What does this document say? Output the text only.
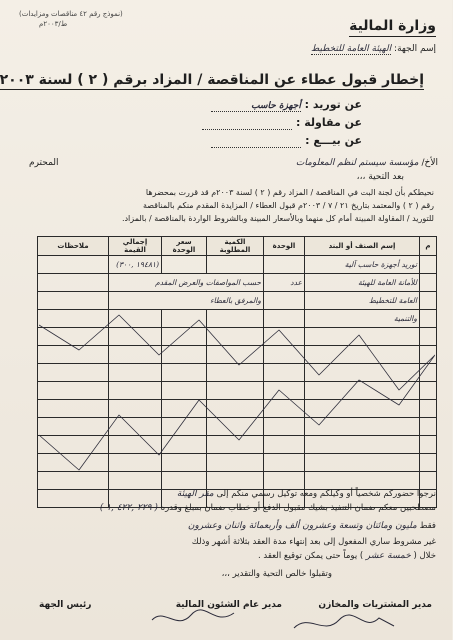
وزارة المالية
إسم الجهة: الهيئة العامة للتخطيط
(نموذج رقم ٤٢ مناقصات ومزايدات)
ط/٢٠٠٣م
إخطار قبول عطاء عن المناقصة / المزاد برقم ( ٢ ) لسنة ٢٠٠٣
عن توريد : أجهزة حاسب
عن مقاولة :
عن بيـــع :
الأخ/ مؤسسة سيستم لنظم المعلومات
المحترم
بعد التحية ،،،
نحيطكم بأن لجنة البت في المناقصة / المزاد رقم ( ٢ ) لسنة ٢٠٠٣م قد قررت بمحضرها
رقم ( ٢ ) والمعتمد بتاريخ ٢١ / ٧ / ٢٠٠٣م قبول العطاء / المزايدة المقدم منكم بالمناقصة
للتوريد / المقاولة المبينة أمام كل منهما وبالأسعار المبينة وبالشروط الواردة بالمناقصة / بالمزاد.
م	إسم الصنف أو البند	الوحدة	الكمية المطلوبة	سعر الوحدة	إجمالي القيمة	ملاحظات
	توريد أجهزة حاسب آلية				(١٩٤٨١ ,٣٠٠)	
	للأمانة العامة للهيئة	عدد	حسب المواصفات والعرض المقدم			
	العامة للتخطيط		والمرفق بالعطاء			
	والتنمية					

نرجوا حضوركم شخصياً أو وكيلكم ومعه توكيل رسمي منكم إلى مقر الهيئة
مصطحبين معكم ضمان التنفيذ بشيك مقبول الدفع أو خطاب ضمان بمبلغ وقدره ( ٢٢٩ ,٤٢٢ ,١ )
فقط مليون ومائتان وتسعة وعشرون ألف وأربعمائة واثنان وعشرون
غير مشروط ساري المفعول إلى بعد إنتهاء مدة العقد بثلاثة أشهر وذلك
خلال ( خمسة عشر ) يوماً حتى يمكن توقيع العقد .
وتقبلوا خالص التحية والتقدير ،،،
مدير المشتريات والمخازن
مدير عام الشئون المالية
رئيس الجهة
